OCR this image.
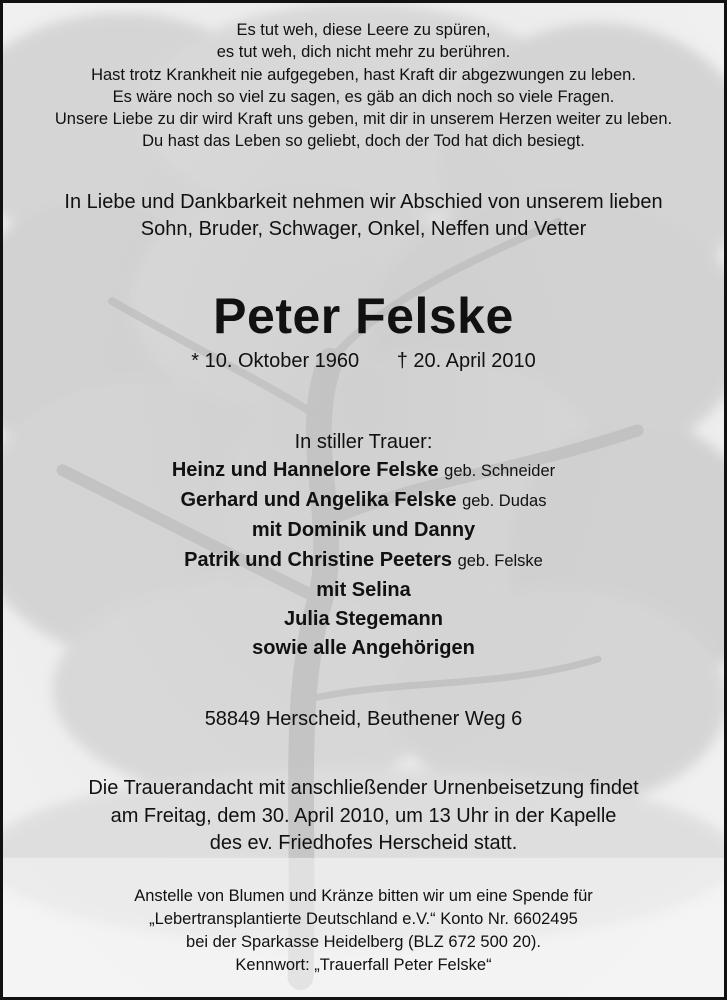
Es tut weh, diese Leere zu spüren,
es tut weh, dich nicht mehr zu berühren.
Hast trotz Krankheit nie aufgegeben, hast Kraft dir abgezwungen zu leben.
Es wäre noch so viel zu sagen, es gäb an dich noch so viele Fragen.
Unsere Liebe zu dir wird Kraft uns geben, mit dir in unserem Herzen weiter zu leben.
Du hast das Leben so geliebt, doch der Tod hat dich besiegt.
In Liebe und Dankbarkeit nehmen wir Abschied von unserem lieben
Sohn, Bruder, Schwager, Onkel, Neffen und Vetter
Peter Felske
* 10. Oktober 1960 † 20. April 2010
In stiller Trauer:
Heinz und Hannelore Felske geb. Schneider
Gerhard und Angelika Felske geb. Dudas
mit Dominik und Danny
Patrik und Christine Peeters geb. Felske
mit Selina
Julia Stegemann
sowie alle Angehörigen
58849 Herscheid, Beuthener Weg 6
Die Trauerandacht mit anschließender Urnenbeisetzung findet
am Freitag, dem 30. April 2010, um 13 Uhr in der Kapelle
des ev. Friedhofes Herscheid statt.
Anstelle von Blumen und Kränze bitten wir um eine Spende für
„Lebertransplantierte Deutschland e.V.“ Konto Nr. 6602495
bei der Sparkasse Heidelberg (BLZ 672 500 20).
Kennwort: „Trauerfall Peter Felske“
